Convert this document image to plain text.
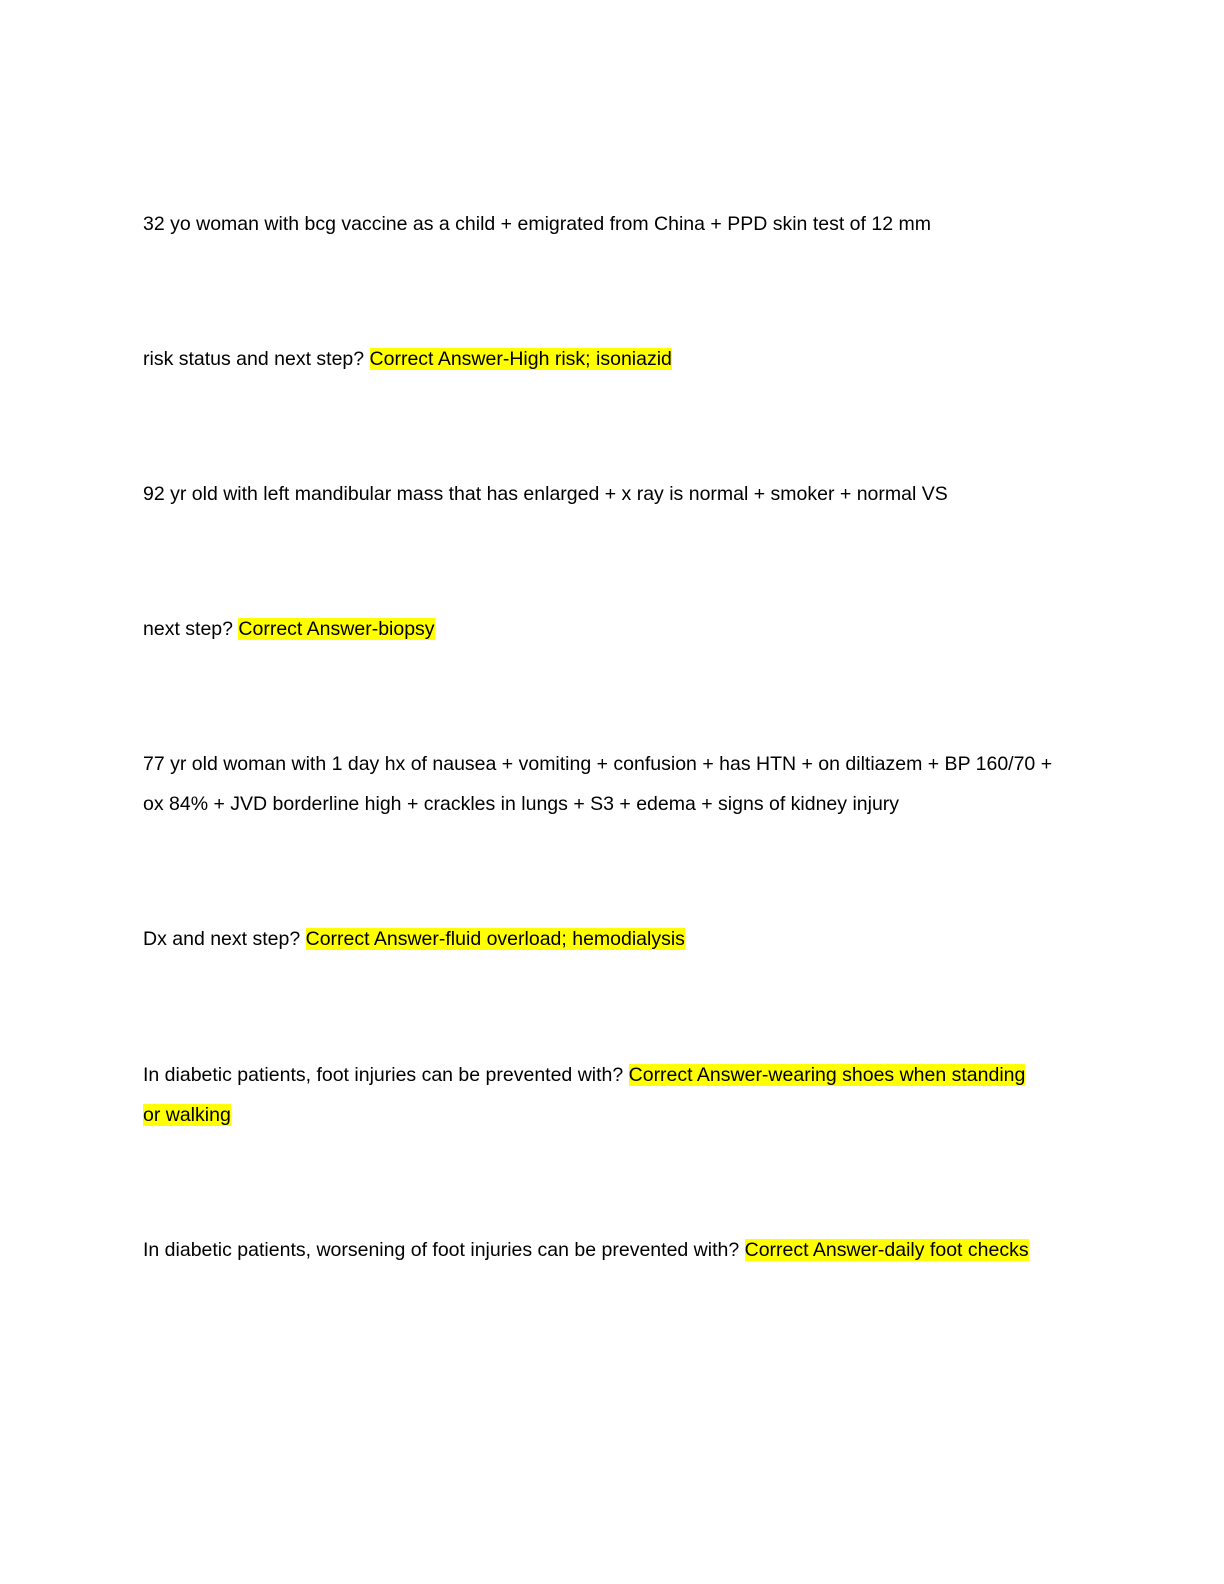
32 yo woman with bcg vaccine as a child + emigrated from China + PPD skin test of 12 mm
risk status and next step? Correct Answer-High risk; isoniazid
92 yr old with left mandibular mass that has enlarged + x ray is normal + smoker + normal VS
next step? Correct Answer-biopsy
77 yr old woman with 1 day hx of nausea + vomiting + confusion + has HTN + on diltiazem + BP 160/70 +
ox 84% + JVD borderline high + crackles in lungs + S3 + edema + signs of kidney injury
Dx and next step? Correct Answer-fluid overload; hemodialysis
In diabetic patients, foot injuries can be prevented with? Correct Answer-wearing shoes when standing
or walking
In diabetic patients, worsening of foot injuries can be prevented with? Correct Answer-daily foot checks
